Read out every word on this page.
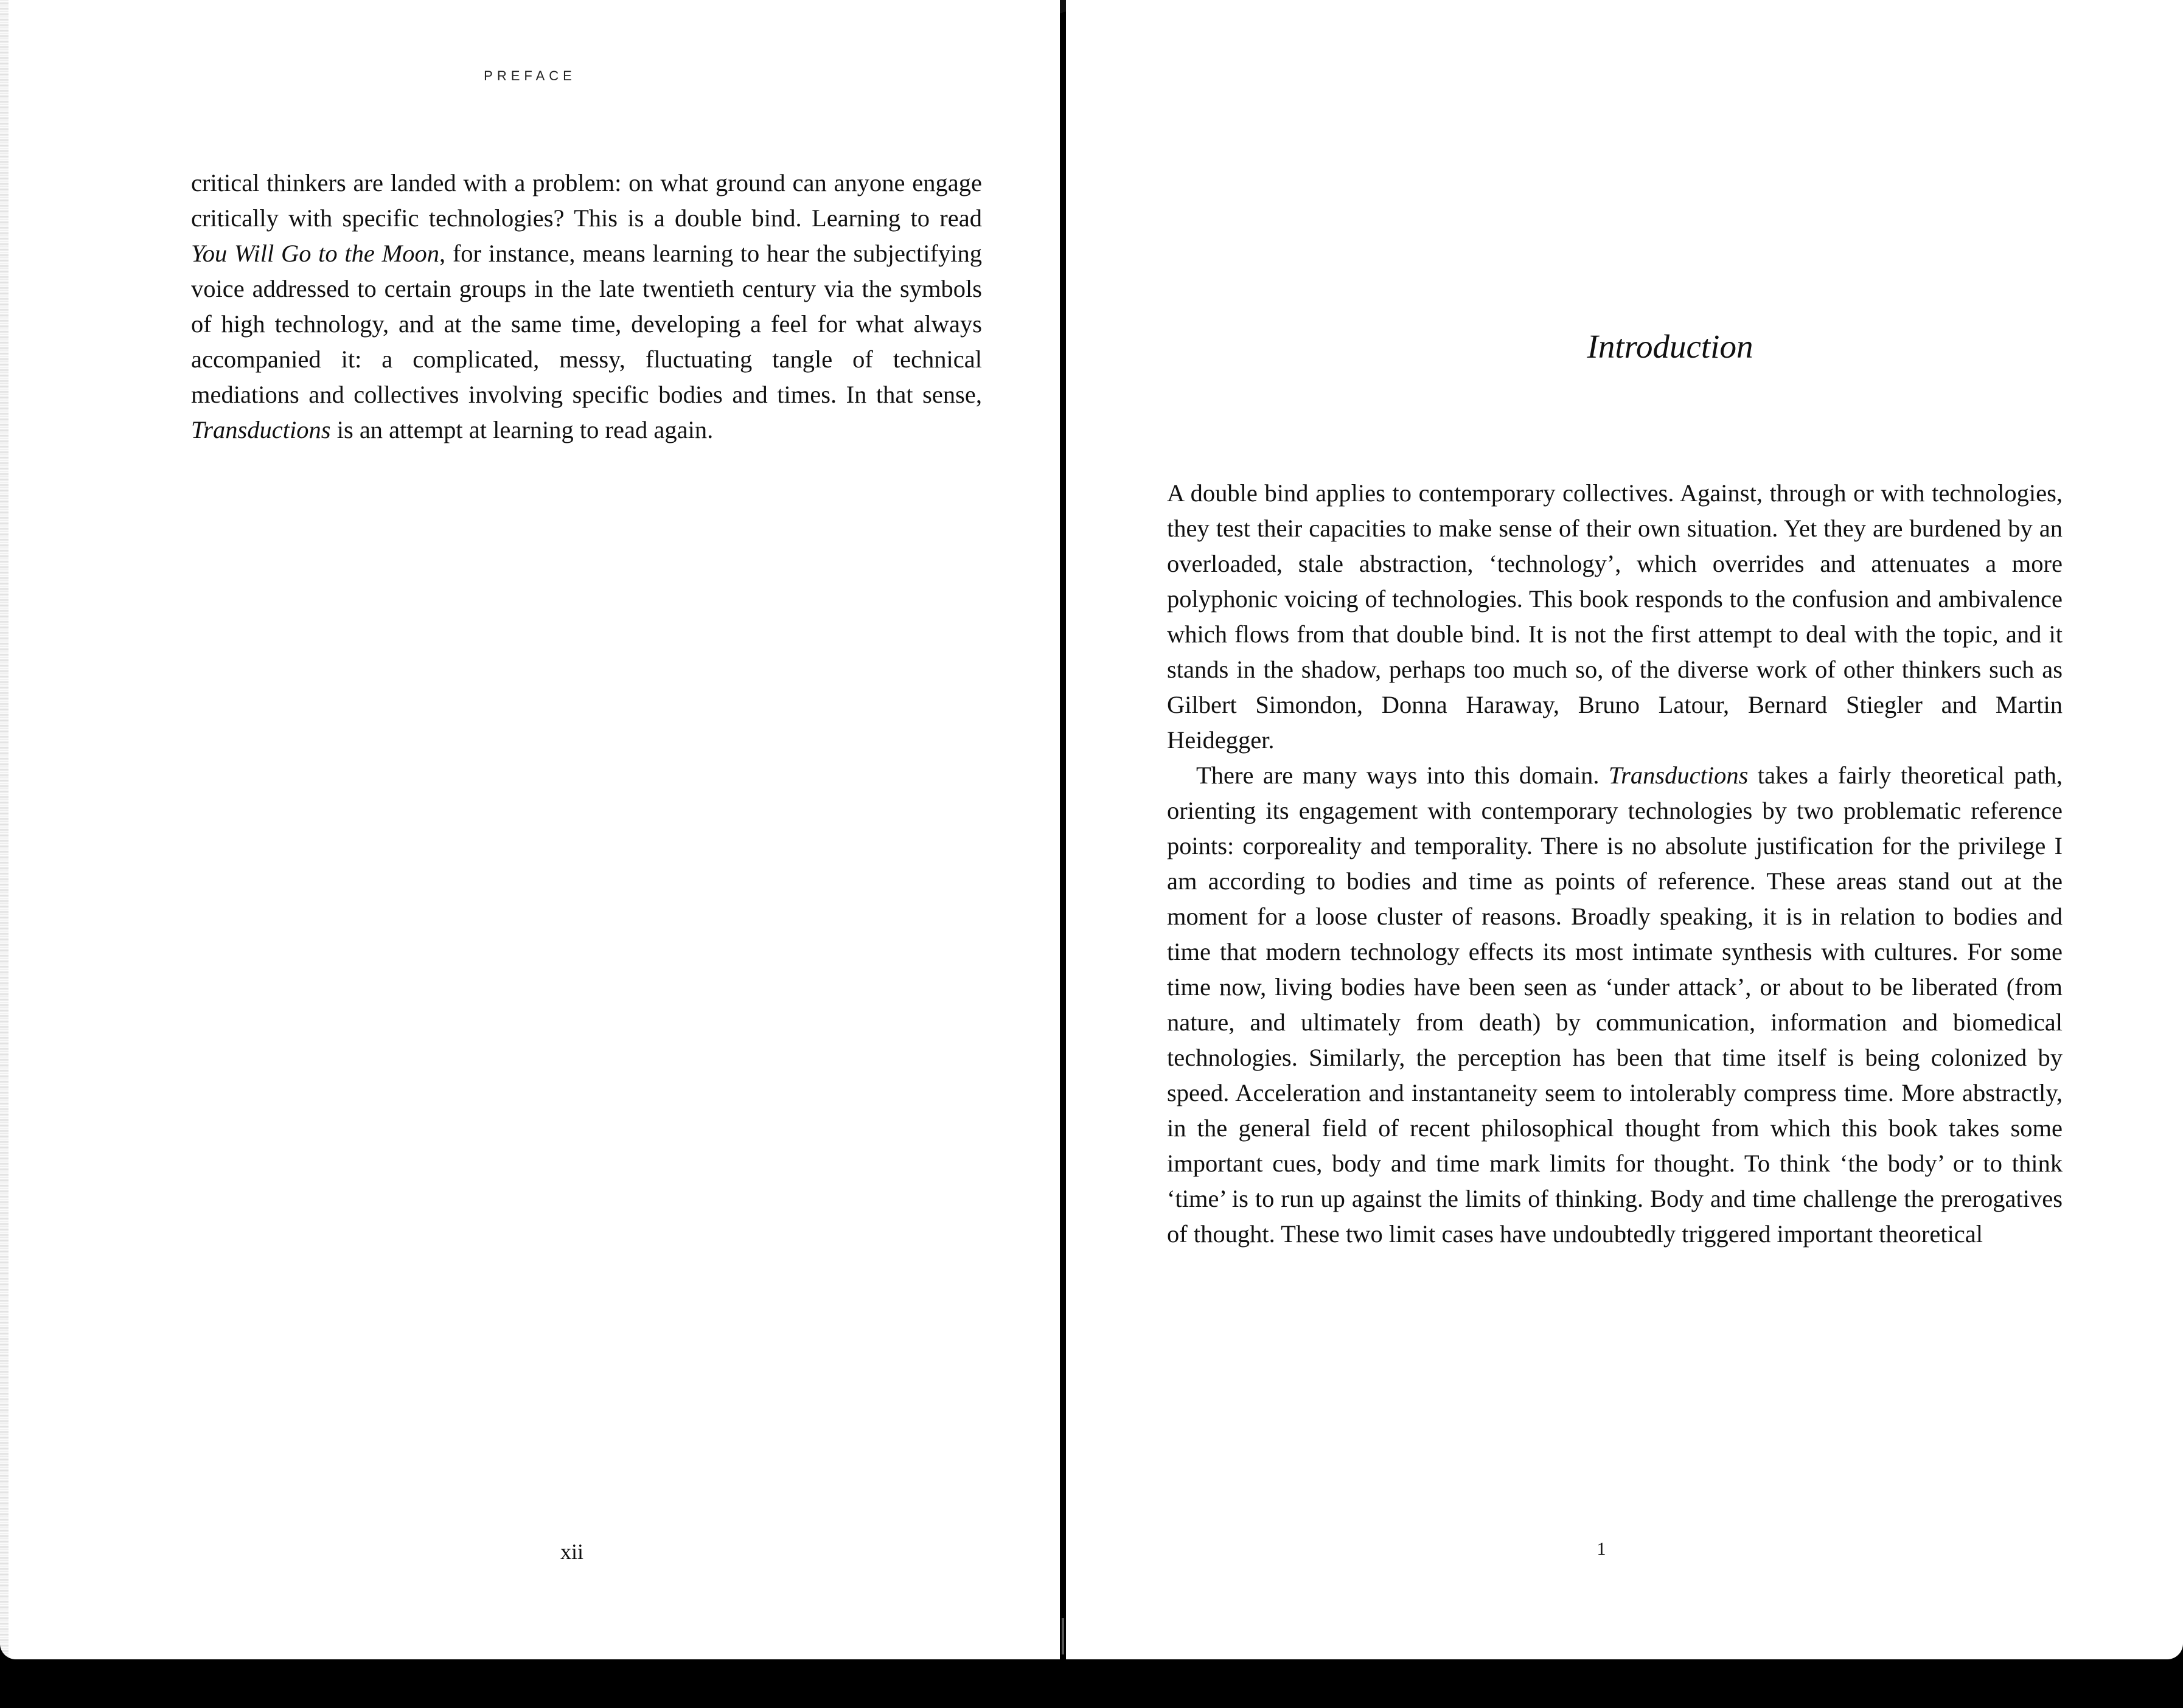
PREFACE

critical thinkers are landed with a problem: on what ground can anyone engage critically with specific technologies? This is a double bind. Learning to read You Will Go to the Moon, for instance, means learning to hear the subjectifying voice addressed to certain groups in the late twentieth century via the symbols of high technology, and at the same time, developing a feel for what always accompanied it: a complicated, messy, fluctuating tangle of technical mediations and collectives involving specific bodies and times. In that sense, Transductions is an attempt at learning to read again.

xii
Introduction

A double bind applies to contemporary collectives. Against, through or with technologies, they test their capacities to make sense of their own situation. Yet they are burdened by an overloaded, stale abstraction, ‘technology’, which overrides and attenuates a more polyphonic voicing of technologies. This book responds to the confusion and ambivalence which flows from that double bind. It is not the first attempt to deal with the topic, and it stands in the shadow, perhaps too much so, of the diverse work of other thinkers such as Gilbert Simondon, Donna Haraway, Bruno Latour, Bernard Stiegler and Martin Heidegger.

There are many ways into this domain. Transductions takes a fairly theoretical path, orienting its engagement with contemporary technologies by two problematic reference points: corporeality and temporality. There is no absolute justification for the privilege I am according to bodies and time as points of reference. These areas stand out at the moment for a loose cluster of reasons. Broadly speaking, it is in relation to bodies and time that modern technology effects its most intimate synthesis with cultures. For some time now, living bodies have been seen as ‘under attack’, or about to be liberated (from nature, and ultimately from death) by communication, information and biomedical technologies. Similarly, the perception has been that time itself is being colonized by speed. Acceleration and instantaneity seem to intolerably compress time. More abstractly, in the general field of recent philosophical thought from which this book takes some important cues, body and time mark limits for thought. To think ‘the body’ or to think ‘time’ is to run up against the limits of thinking. Body and time challenge the prerogatives of thought. These two limit cases have undoubtedly triggered important theoretical

1
